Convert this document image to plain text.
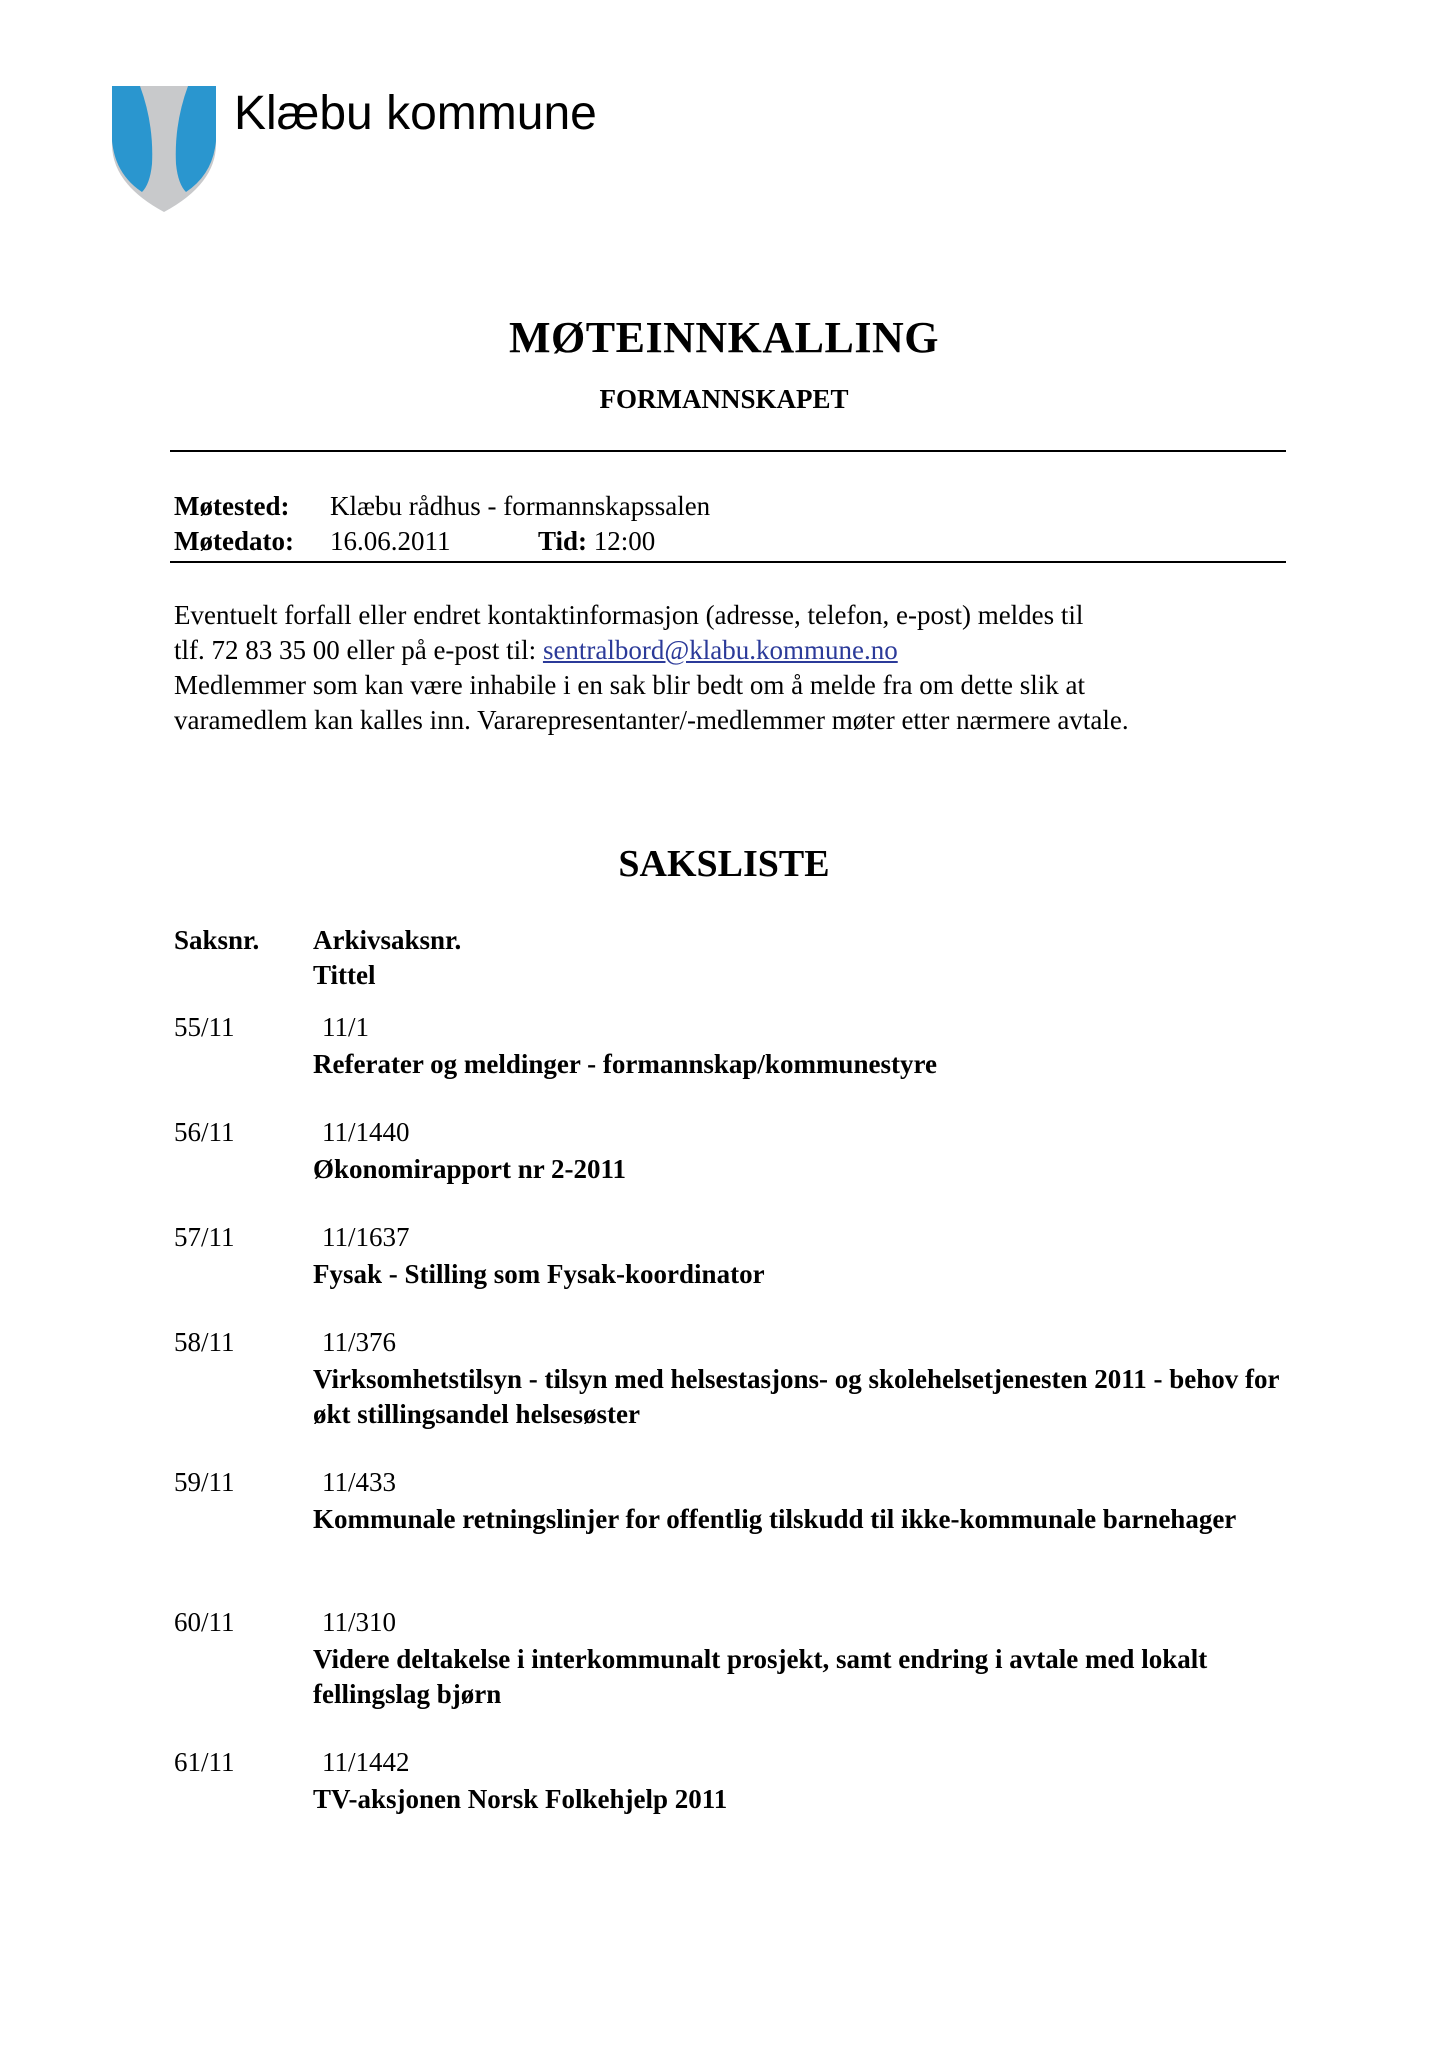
Klæbu kommune
MØTEINNKALLING
FORMANNSKAPET
Møtested: Klæbu rådhus - formannskapssalen
Møtedato: 16.06.2011	Tid: 12:00
Eventuelt forfall eller endret kontaktinformasjon (adresse, telefon, e-post) meldes til
tlf. 72 83 35 00 eller på e-post til: sentralbord@klabu.kommune.no
Medlemmer som kan være inhabile i en sak blir bedt om å melde fra om dette slik at
varamedlem kan kalles inn. Vararepresentanter/-medlemmer møter etter nærmere avtale.
SAKSLISTE
Saksnr. Arkivsaksnr.
Tittel
55/11	11/1
Referater og meldinger - formannskap/kommunestyre
56/11	11/1440
Økonomirapport nr 2-2011
57/11	11/1637
Fysak - Stilling som Fysak-koordinator
58/11	11/376
Virksomhetstilsyn - tilsyn med helsestasjons- og skolehelsetjenesten 2011 - behov for økt stillingsandel helsesøster
59/11	11/433
Kommunale retningslinjer for offentlig tilskudd til ikke-kommunale barnehager
60/11	11/310
Videre deltakelse i interkommunalt prosjekt, samt endring i avtale med lokalt fellingslag bjørn
61/11	11/1442
TV-aksjonen Norsk Folkehjelp 2011
